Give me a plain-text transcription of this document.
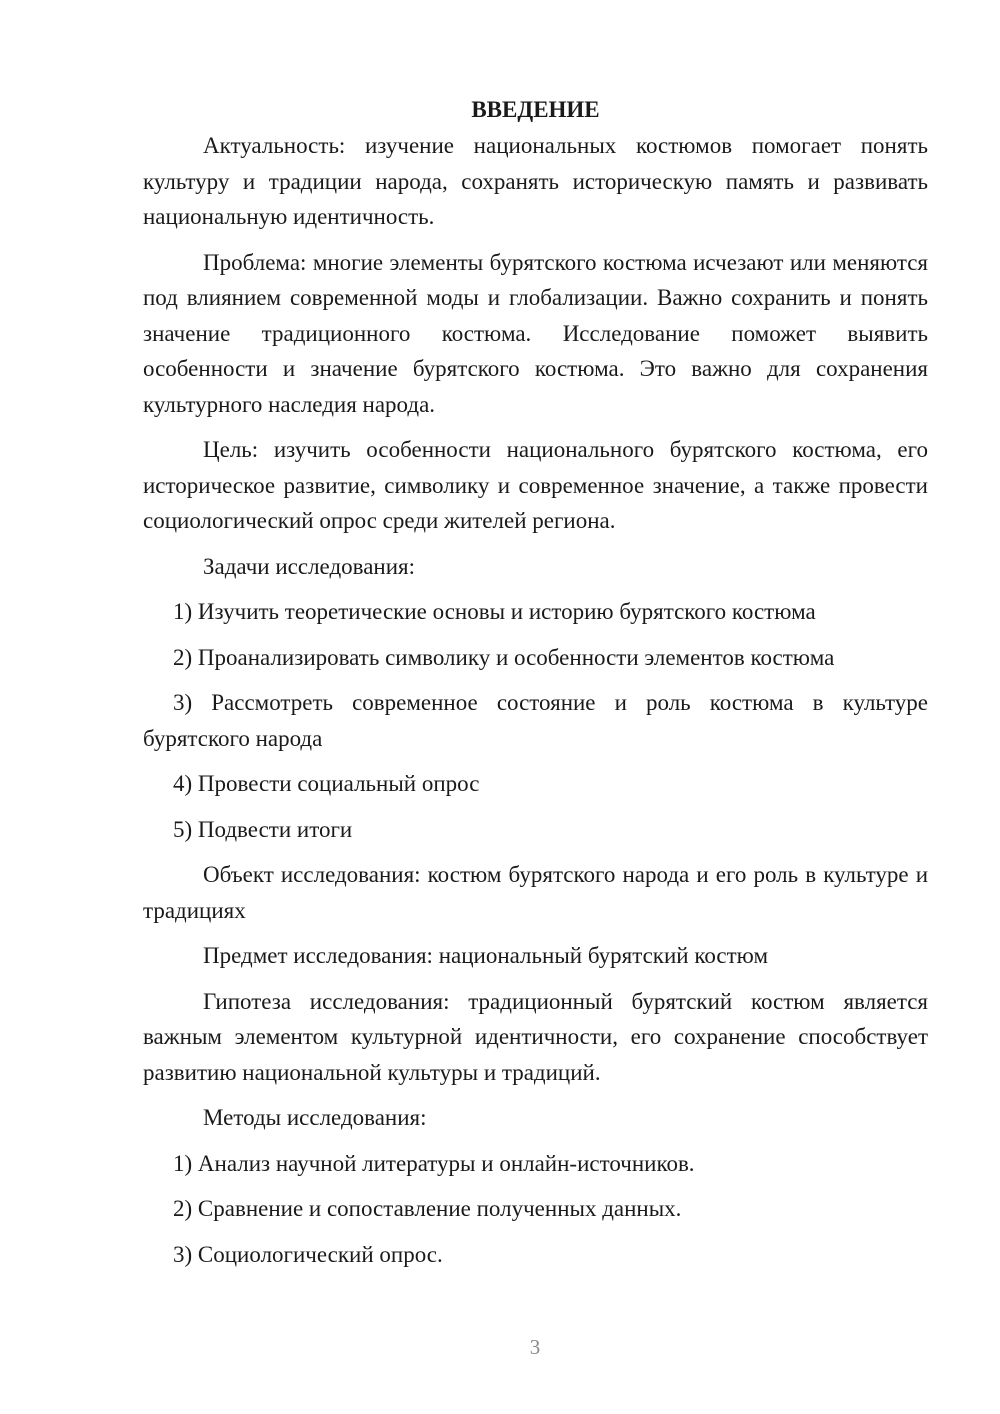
ВВЕДЕНИЕ

Актуальность: изучение национальных костюмов помогает понять культуру и традиции народа, сохранять историческую память и развивать национальную идентичность.

Проблема: многие элементы бурятского костюма исчезают или меняются под влиянием современной моды и глобализации. Важно сохранить и понять значение традиционного костюма. Исследование поможет выявить особенности и значение бурятского костюма. Это важно для сохранения культурного наследия народа.

Цель: изучить особенности национального бурятского костюма, его историческое развитие, символику и современное значение, а также провести социологический опрос среди жителей региона.

Задачи исследования:

1) Изучить теоретические основы и историю бурятского костюма

2) Проанализировать символику и особенности элементов костюма

3) Рассмотреть современное состояние и роль костюма в культуре бурятского народа

4) Провести социальный опрос

5) Подвести итоги

Объект исследования: костюм бурятского народа и его роль в культуре и традициях

Предмет исследования: национальный бурятский костюм

Гипотеза исследования: традиционный бурятский костюм является важным элементом культурной идентичности, его сохранение способствует развитию национальной культуры и традиций.

Методы исследования:

1) Анализ научной литературы и онлайн-источников.

2) Сравнение и сопоставление полученных данных.

3) Социологический опрос.

3
